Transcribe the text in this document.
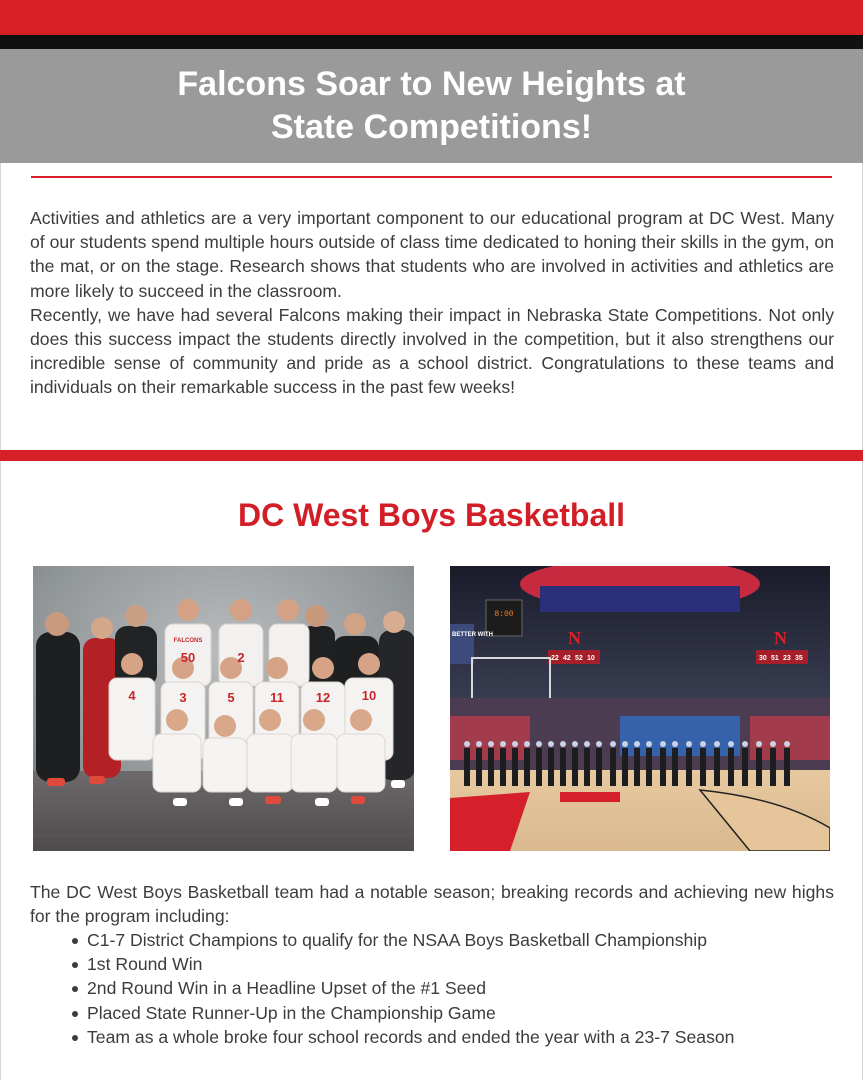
Falcons Soar to New Heights at State Competitions!

Activities and athletics are a very important component to our educational program at DC West. Many of our students spend multiple hours outside of class time dedicated to honing their skills in the gym, on the mat, or on the stage. Research shows that students who are involved in activities and athletics are more likely to succeed in the classroom.

Recently, we have had several Falcons making their impact in Nebraska State Competitions. Not only does this success impact the students directly involved in the competition, but it also strengthens our incredible sense of community and pride as a school district. Congratulations to these teams and individuals on their remarkable success in the past few weeks!

DC West Boys Basketball
FALCONS
50	2
4	3	5	11 12 10
8:00
BETTER WITH	N	N
22 42 52 10	30 51 23 35

The DC West Boys Basketball team had a notable season; breaking records and achieving new highs for the program including:

C1-7 District Champions to qualify for the NSAA Boys Basketball Championship
1st Round Win
2nd Round Win in a Headline Upset of the #1 Seed
Placed State Runner-Up in the Championship Game
Team as a whole broke four school records and ended the year with a 23-7 Season
